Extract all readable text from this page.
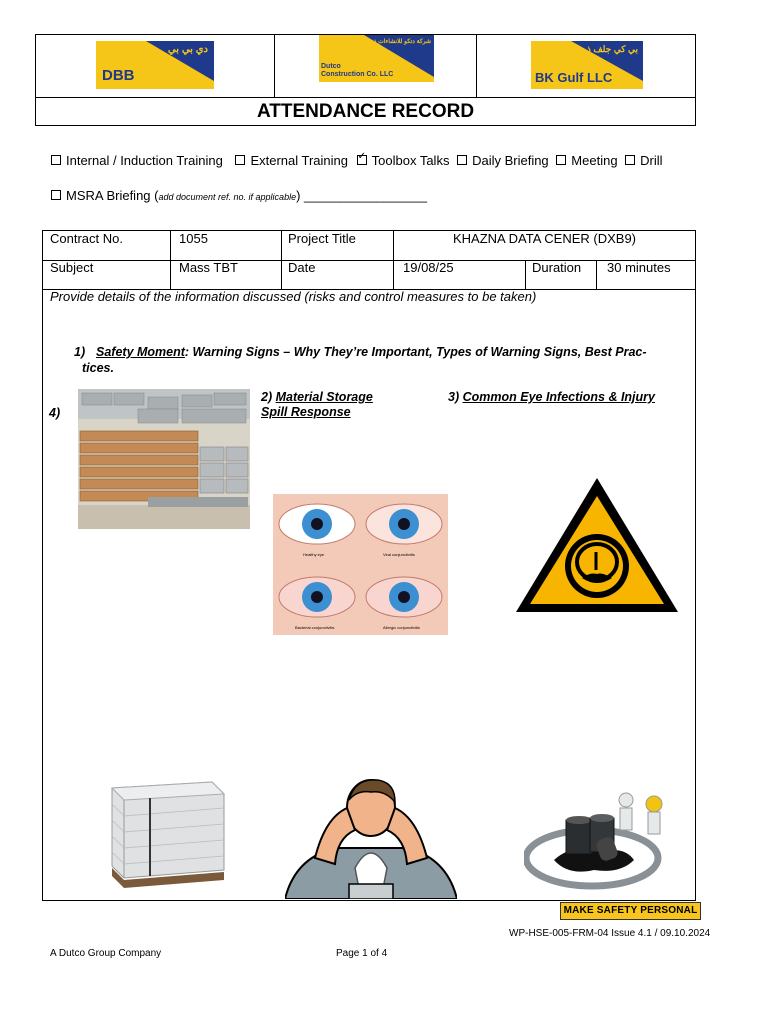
DBB
دي بي بي
Dutco
Construction Co. LLC
شركة دتكو للانشاءات ذ.م.م
BK Gulf LLC
بي كي جلف ذ.م.م
ATTENDANCE RECORD
Internal / Induction Training External Training ✓ Toolbox Talks Daily Briefing Meeting Drill
MSRA Briefing (add document ref. no. if applicable) _________________
Contract No.	1055	Project Title	KHAZNA DATA CENER (DXB9)
Subject	Mass TBT	Date	19/08/25	Duration 30 minutes
Provide details of the information discussed (risks and control measures to be taken)
1) Safety Moment: Warning Signs – Why They’re Important, Types of Warning Signs, Best Prac-
tices.
4)
2) Material Storage
Spill Response
3) Common Eye Infections & Injury
Healthy eye	Viral conjunctivitis
Bacterial conjunctivitis	Allergic conjunctivitis
MAKE SAFETY PERSONAL
WP-HSE-005-FRM-04 Issue 4.1 / 09.10.2024
A Dutco Group Company	Page 1 of 4
